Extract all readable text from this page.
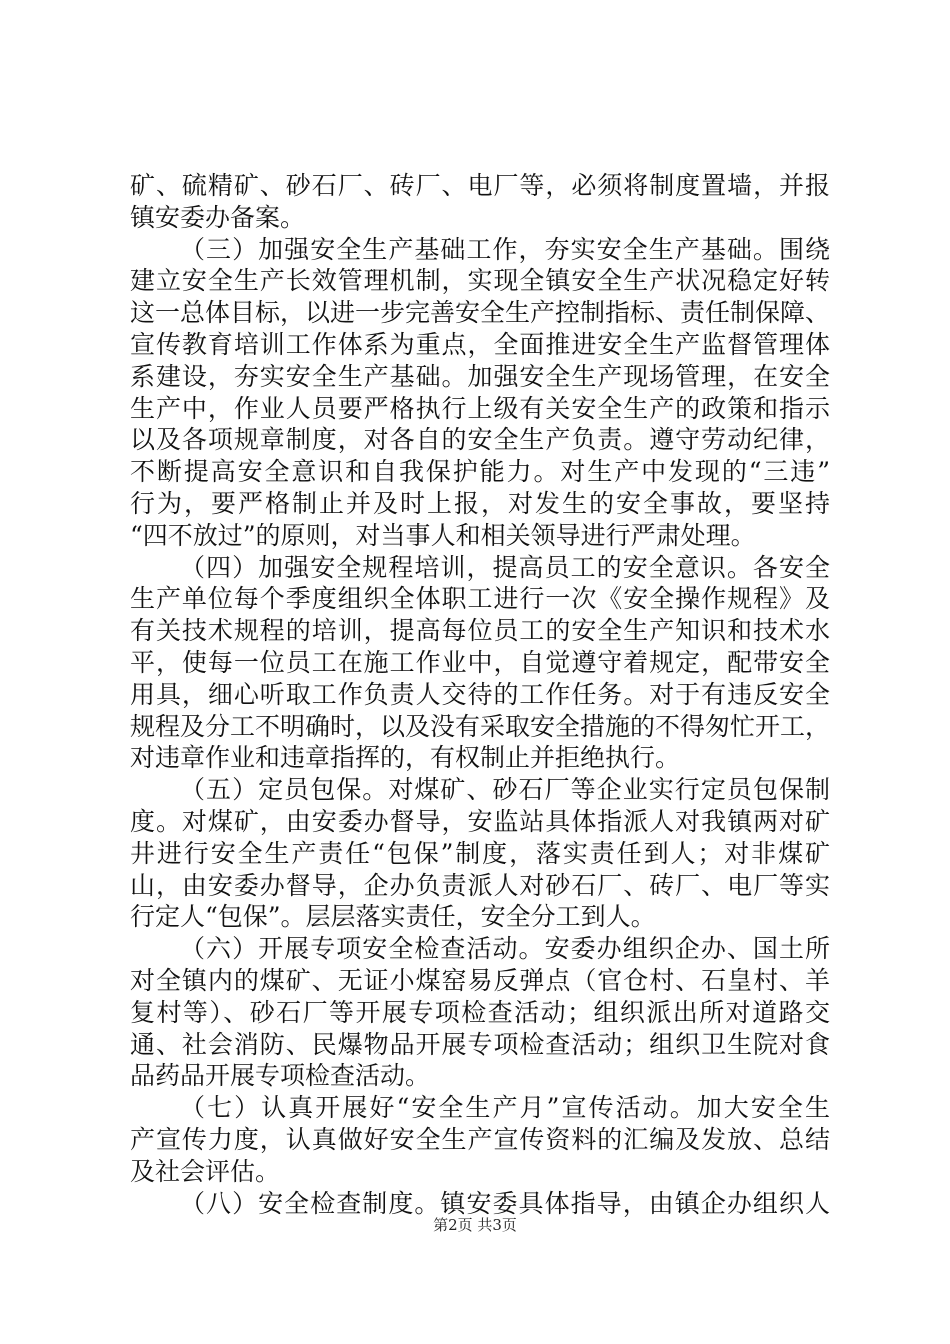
矿、硫精矿、砂石厂、砖厂、电厂等，必须将制度置墙，并报
镇安委办备案。
（三）加强安全生产基础工作，夯实安全生产基础。围绕
建立安全生产长效管理机制，实现全镇安全生产状况稳定好转
这一总体目标，以进一步完善安全生产控制指标、责任制保障、
宣传教育培训工作体系为重点，全面推进安全生产监督管理体
系建设，夯实安全生产基础。加强安全生产现场管理，在安全
生产中，作业人员要严格执行上级有关安全生产的政策和指示
以及各项规章制度，对各自的安全生产负责。遵守劳动纪律，
不断提高安全意识和自我保护能力。对生产中发现的“三违”
行为，要严格制止并及时上报，对发生的安全事故，要坚持
“四不放过”的原则，对当事人和相关领导进行严肃处理。
（四）加强安全规程培训，提高员工的安全意识。各安全
生产单位每个季度组织全体职工进行一次《安全操作规程》及
有关技术规程的培训，提高每位员工的安全生产知识和技术水
平，使每一位员工在施工作业中，自觉遵守着规定，配带安全
用具，细心听取工作负责人交待的工作任务。对于有违反安全
规程及分工不明确时，以及没有采取安全措施的不得匆忙开工，
对违章作业和违章指挥的，有权制止并拒绝执行。
（五）定员包保。对煤矿、砂石厂等企业实行定员包保制
度。对煤矿，由安委办督导，安监站具体指派人对我镇两对矿
井进行安全生产责任“包保”制度，落实责任到人；对非煤矿
山，由安委办督导，企办负责派人对砂石厂、砖厂、电厂等实
行定人“包保”。层层落实责任，安全分工到人。
（六）开展专项安全检查活动。安委办组织企办、国土所
对全镇内的煤矿、无证小煤窑易反弹点（官仓村、石皇村、羊
复村等）、砂石厂等开展专项检查活动；组织派出所对道路交
通、社会消防、民爆物品开展专项检查活动；组织卫生院对食
品药品开展专项检查活动。
（七）认真开展好“安全生产月”宣传活动。加大安全生
产宣传力度，认真做好安全生产宣传资料的汇编及发放、总结
及社会评估。
（八）安全检查制度。镇安委具体指导，由镇企办组织人
第2页 共3页
